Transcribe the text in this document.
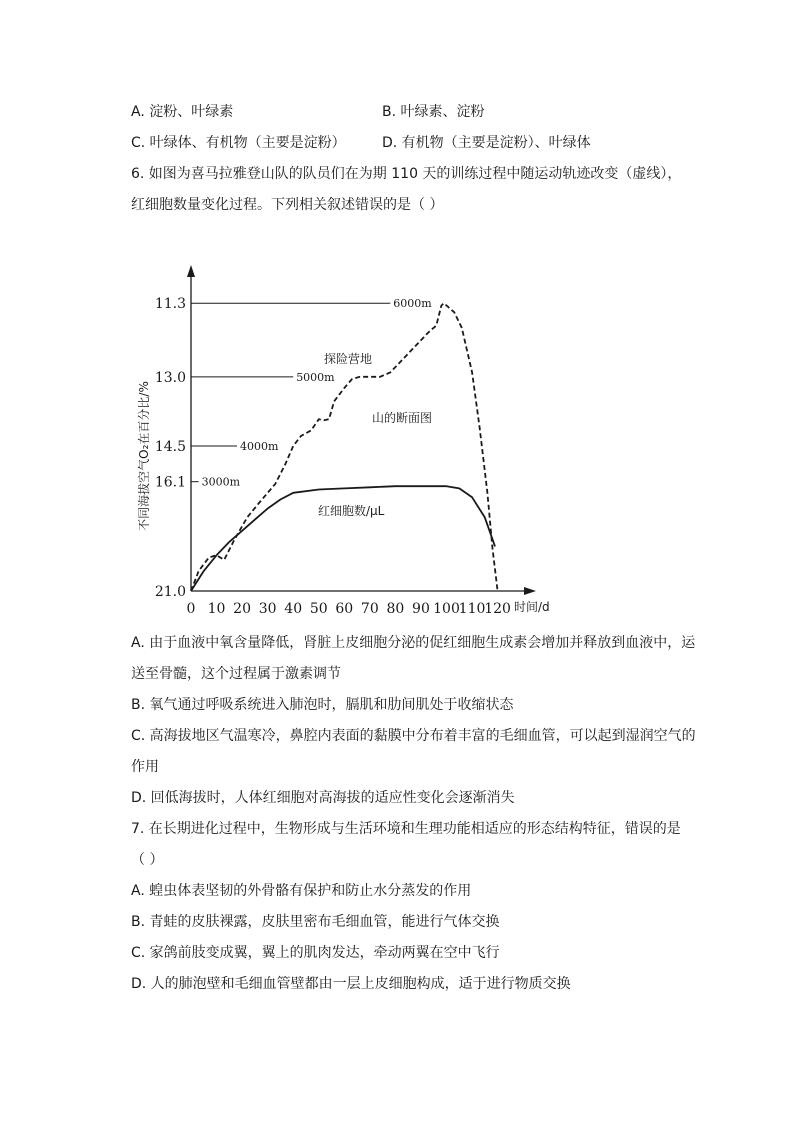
A. 淀粉、叶绿素	B. 叶绿素、淀粉
C. 叶绿体、有机物（主要是淀粉）	D. 有机物（主要是淀粉）、叶绿体
6. 如图为喜马拉雅登山队的队员们在为期 110 天的训练过程中随运动轨迹改变（虚线），
红细胞数量变化过程。下列相关叙述错误的是（ ）
11.3
13.0
14.5
16.1
21.0
6000m
5000m
4000m
3000m
0 10 20 30 40 50 60 70 80 90 100
110
120 时间/d
不同海拔空气O₂在百分比/%
探险营地
山的断面图
红细胞数/μL
A. 由于血液中氧含量降低，肾脏上皮细胞分泌的促红细胞生成素会增加并释放到血液中，运
送至骨髓，这个过程属于激素调节
B. 氧气通过呼吸系统进入肺泡时，膈肌和肋间肌处于收缩状态
C. 高海拔地区气温寒冷，鼻腔内表面的黏膜中分布着丰富的毛细血管，可以起到湿润空气的
作用
D. 回低海拔时，人体红细胞对高海拔的适应性变化会逐渐消失
7. 在长期进化过程中，生物形成与生活环境和生理功能相适应的形态结构特征，错误的是
（ ）
A. 蝗虫体表坚韧的外骨骼有保护和防止水分蒸发的作用
B. 青蛙的皮肤裸露，皮肤里密布毛细血管，能进行气体交换
C. 家鸽前肢变成翼，翼上的肌肉发达，牵动两翼在空中飞行
D. 人的肺泡壁和毛细血管壁都由一层上皮细胞构成，适于进行物质交换
